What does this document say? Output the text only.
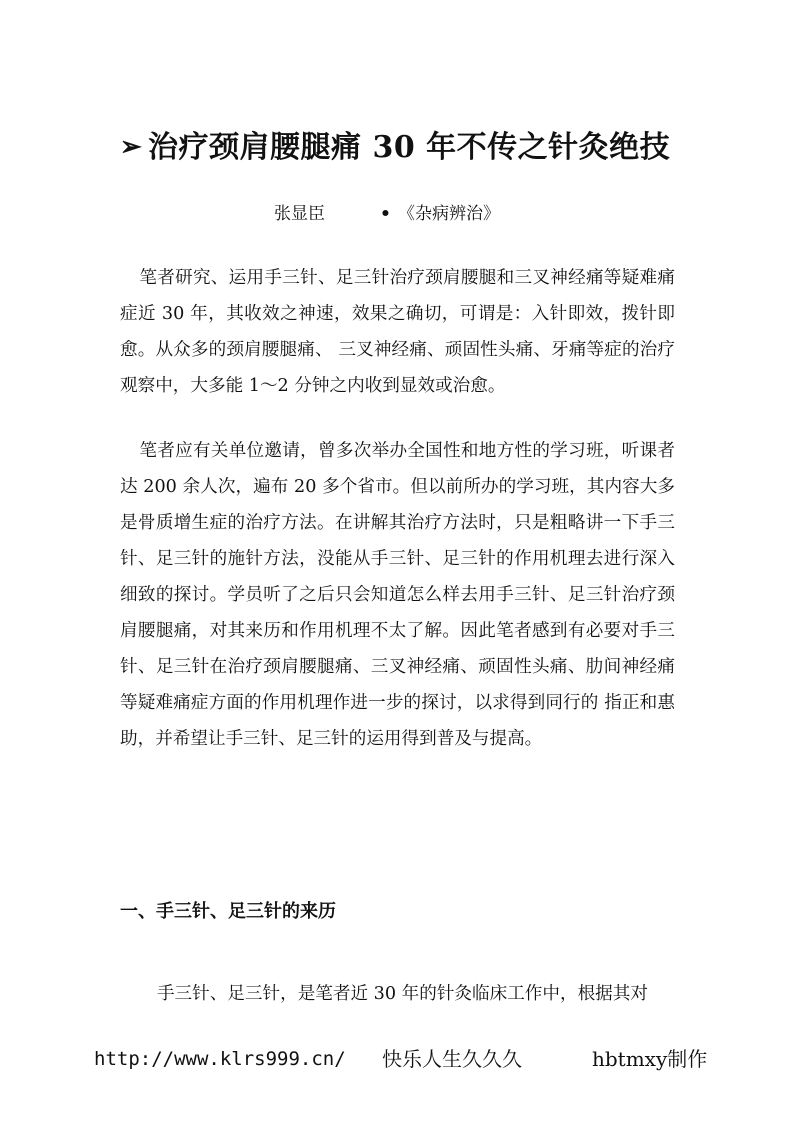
➢ 治疗颈肩腰腿痛 30 年不传之针灸绝技
张显臣	• 《杂病辨治》

笔者研究、运用手三针、足三针治疗颈肩腰腿和三叉神经痛等疑难痛症近 30 年，其收效之神速，效果之确切，可谓是：入针即效，拨针即愈。从众多的颈肩腰腿痛、 三叉神经痛、顽固性头痛、牙痛等症的治疗观察中，大多能 1～2 分钟之内收到显效或治愈。

笔者应有关单位邀请，曾多次举办全国性和地方性的学习班，听课者达 200 余人次，遍布 20 多个省市。但以前所办的学习班，其内容大多是骨质增生症的治疗方法。在讲解其治疗方法时，只是粗略讲一下手三针、足三针的施针方法，没能从手三针、足三针的作用机理去进行深入细致的探讨。学员听了之后只会知道怎么样去用手三针、足三针治疗颈肩腰腿痛，对其来历和作用机理不太了解。因此笔者感到有必要对手三针、足三针在治疗颈肩腰腿痛、三叉神经痛、顽固性头痛、肋间神经痛等疑难痛症方面的作用机理作进一步的探讨，以求得到同行的 指正和惠助，并希望让手三针、足三针的运用得到普及与提高。

一、手三针、足三针的来历

手三针、足三针，是笔者近 30 年的针灸临床工作中，根据其对

http://www.klrs999.cn/ 快乐人生久久久	hbtmxy制作
